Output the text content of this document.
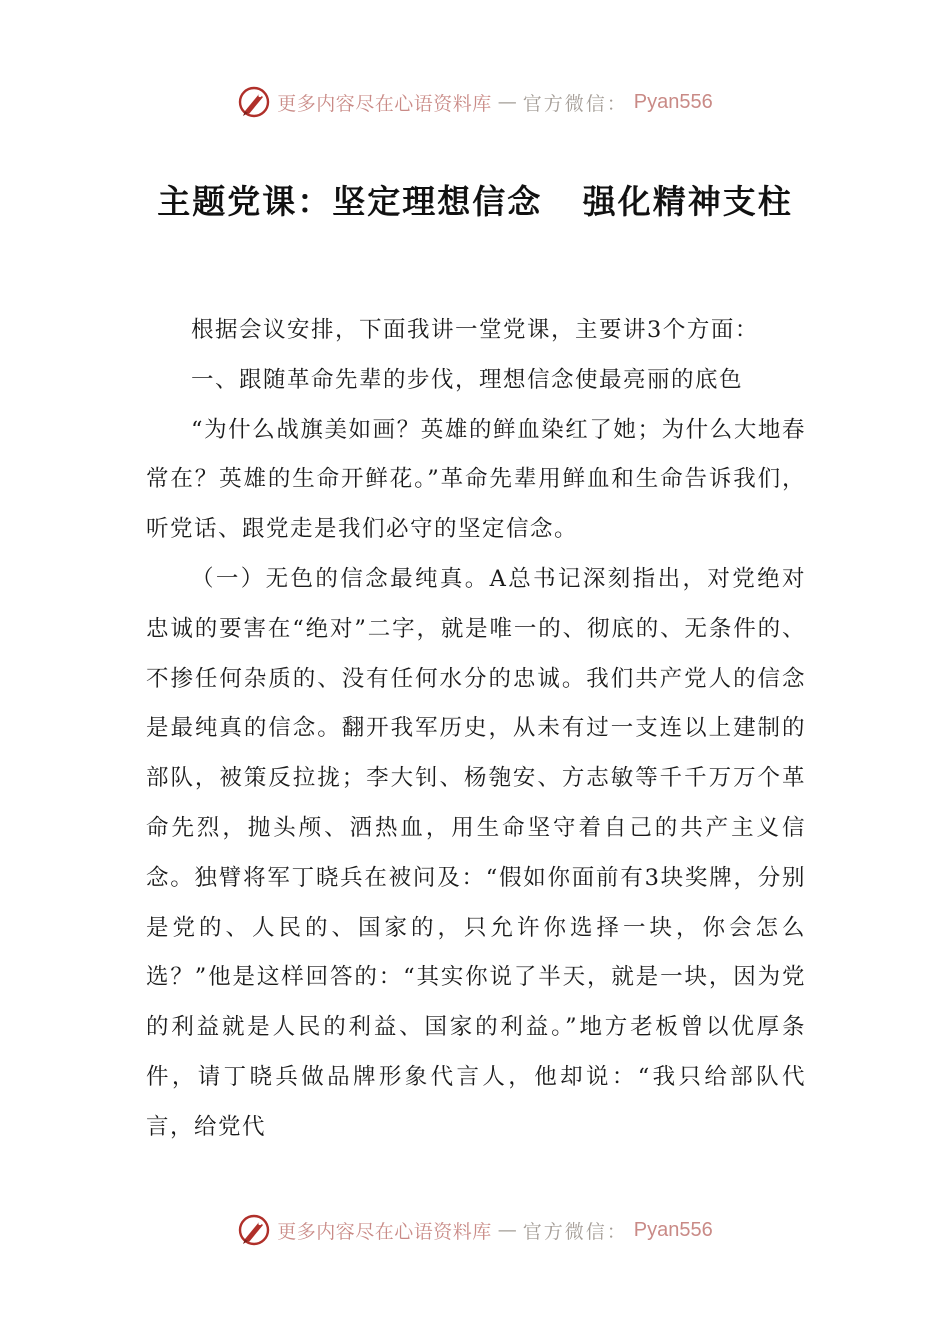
更多内容尽在心语资料库 — 官方微信： Pyan556
主题党课：坚定理想信念   强化精神支柱

根据会议安排，下面我讲一堂党课，主要讲3个方面：

一、跟随革命先辈的步伐，理想信念使最亮丽的底色

“为什么战旗美如画？英雄的鲜血染红了她；为什么大地春常在？英雄的生命开鲜花。”革命先辈用鲜血和生命告诉我们，听党话、跟党走是我们必守的坚定信念。

（一）无色的信念最纯真。A总书记深刻指出，对党绝对忠诚的要害在“绝对”二字，就是唯一的、彻底的、无条件的、不掺任何杂质的、没有任何水分的忠诚。我们共产党人的信念是最纯真的信念。翻开我军历史，从未有过一支连以上建制的部队，被策反拉拢；李大钊、杨匏安、方志敏等千千万万个革命先烈，抛头颅、洒热血，用生命坚守着自己的共产主义信念。独臂将军丁晓兵在被问及：“假如你面前有3块奖牌，分别是党的、人民的、国家的，只允许你选择一块，你会怎么选？”他是这样回答的：“其实你说了半天，就是一块，因为党的利益就是人民的利益、国家的利益。”地方老板曾以优厚条件，请丁晓兵做品牌形象代言人，他却说：“我只给部队代言，给党代

更多内容尽在心语资料库 — 官方微信： Pyan556
